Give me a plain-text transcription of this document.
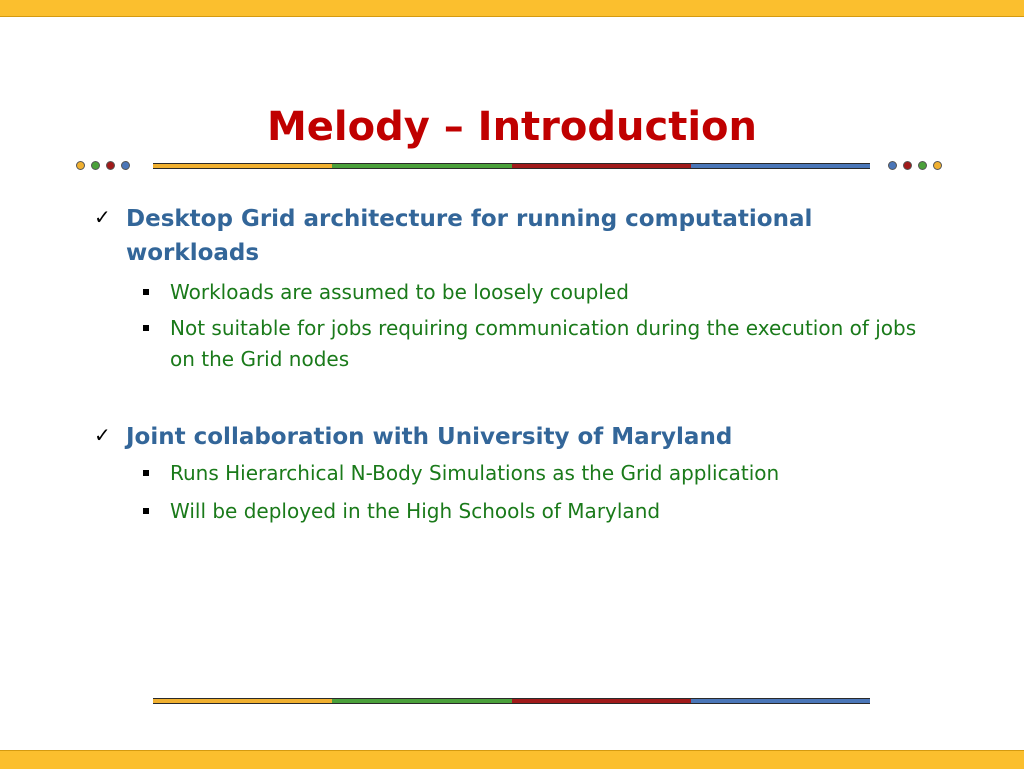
Melody – Introduction
✓ Desktop Grid architecture for running computational workloads
Workloads are assumed to be loosely coupled
Not suitable for jobs requiring communication during the execution of jobs on the Grid nodes
✓ Joint collaboration with University of Maryland
Runs Hierarchical N-Body Simulations as the Grid application
Will be deployed in the High Schools of Maryland
